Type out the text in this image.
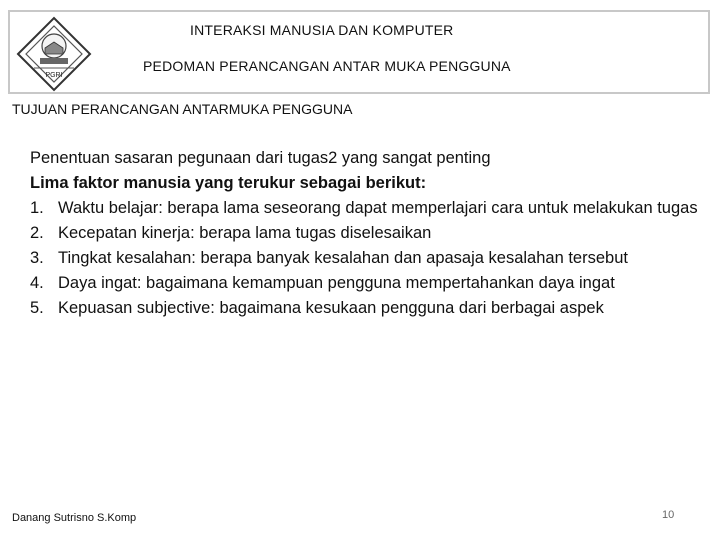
PGRI
INTERAKSI MANUSIA DAN KOMPUTER
PEDOMAN PERANCANGAN ANTAR MUKA PENGGUNA
TUJUAN PERANCANGAN ANTARMUKA PENGGUNA

Penentuan sasaran pegunaan dari tugas2 yang sangat penting

Lima faktor manusia yang terukur sebagai berikut:

1. Waktu belajar: berapa lama seseorang dapat memperlajari cara untuk melakukan tugas
2. Kecepatan kinerja: berapa lama tugas diselesaikan
3. Tingkat kesalahan: berapa banyak kesalahan dan apasaja kesalahan tersebut
4. Daya ingat: bagaimana kemampuan pengguna mempertahankan daya ingat
5. Kepuasan subjective: bagaimana kesukaan pengguna dari berbagai aspek
Danang Sutrisno S.Komp	10
